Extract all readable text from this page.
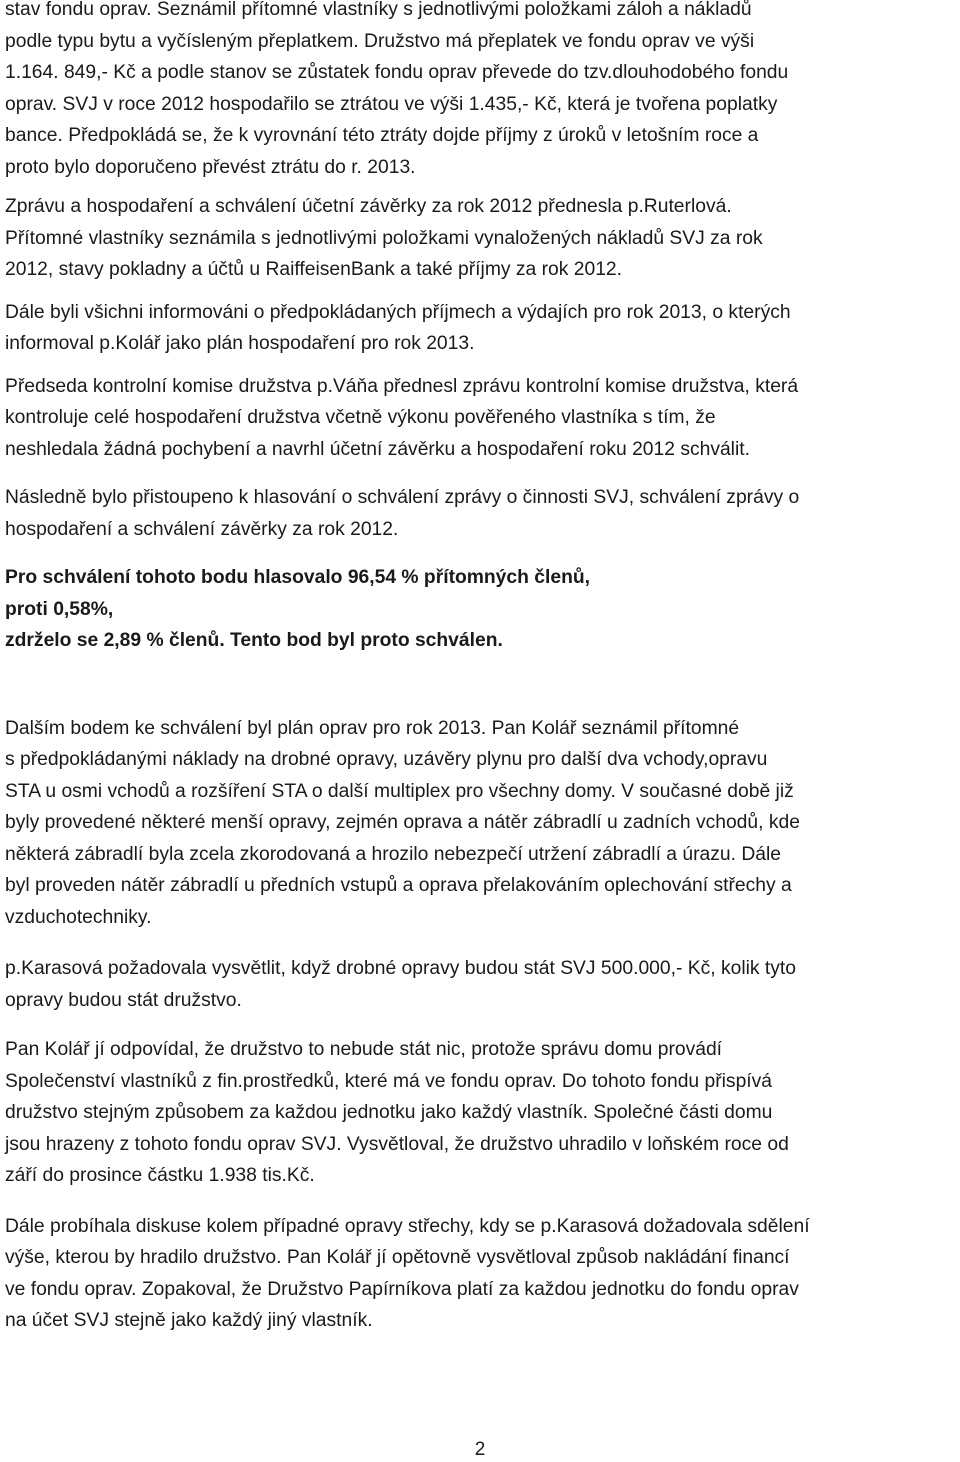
stav fondu oprav. Seznámil přítomné vlastníky s jednotlivými položkami záloh a nákladů
podle typu bytu a vyčísleným přeplatkem. Družstvo má přeplatek ve fondu oprav ve výši
1.164. 849,- Kč a podle stanov se zůstatek fondu oprav převede do tzv.dlouhodobého fondu
oprav. SVJ v roce 2012 hospodařilo se ztrátou ve výši 1.435,- Kč, která je tvořena poplatky
bance. Předpokládá se, že k vyrovnání této ztráty dojde příjmy z úroků v letošním roce a
proto bylo doporučeno převést ztrátu do r. 2013.

Zprávu a hospodaření a schválení účetní závěrky za rok 2012 přednesla p.Ruterlová.
Přítomné vlastníky seznámila s jednotlivými položkami vynaložených nákladů SVJ za rok
2012, stavy pokladny a účtů u RaiffeisenBank a také příjmy za rok 2012.

Dále byli všichni informováni o předpokládaných příjmech a výdajích pro rok 2013, o kterých
informoval p.Kolář jako plán hospodaření pro rok 2013.

Předseda kontrolní komise družstva p.Váňa přednesl zprávu kontrolní komise družstva, která
kontroluje celé hospodaření družstva včetně výkonu pověřeného vlastníka s tím, že
neshledala žádná pochybení a navrhl účetní závěrku a hospodaření roku 2012 schválit.

Následně bylo přistoupeno k hlasování o schválení zprávy o činnosti SVJ, schválení zprávy o
hospodaření a schválení závěrky za rok 2012.

Pro schválení tohoto bodu hlasovalo 96,54 % přítomných členů,
proti 0,58%,
zdrželo se 2,89 % členů. Tento bod byl proto schválen.

Dalším bodem ke schválení byl plán oprav pro rok 2013. Pan Kolář seznámil přítomné
s předpokládanými náklady na drobné opravy, uzávěry plynu pro další dva vchody,opravu
STA u osmi vchodů a rozšíření STA o další multiplex pro všechny domy. V současné době již
byly provedené některé menší opravy, zejmén oprava a nátěr zábradlí u zadních vchodů, kde
některá zábradlí byla zcela zkorodovaná a hrozilo nebezpečí utržení zábradlí a úrazu. Dále
byl proveden nátěr zábradlí u předních vstupů a oprava přelakováním oplechování střechy a
vzduchotechniky.

p.Karasová požadovala vysvětlit, když drobné opravy budou stát SVJ 500.000,- Kč, kolik tyto
opravy budou stát družstvo.

Pan Kolář jí odpovídal, že družstvo to nebude stát nic, protože správu domu provádí
Společenství vlastníků z fin.prostředků, které má ve fondu oprav. Do tohoto fondu přispívá
družstvo stejným způsobem za každou jednotku jako každý vlastník. Společné části domu
jsou hrazeny z tohoto fondu oprav SVJ. Vysvětloval, že družstvo uhradilo v loňském roce od
září do prosince částku 1.938 tis.Kč.

Dále probíhala diskuse kolem případné opravy střechy, kdy se p.Karasová dožadovala sdělení
výše, kterou by hradilo družstvo. Pan Kolář jí opětovně vysvětloval způsob nakládání financí
ve fondu oprav. Zopakoval, že Družstvo Papírníkova platí za každou jednotku do fondu oprav
na účet SVJ stejně jako každý jiný vlastník.

2
